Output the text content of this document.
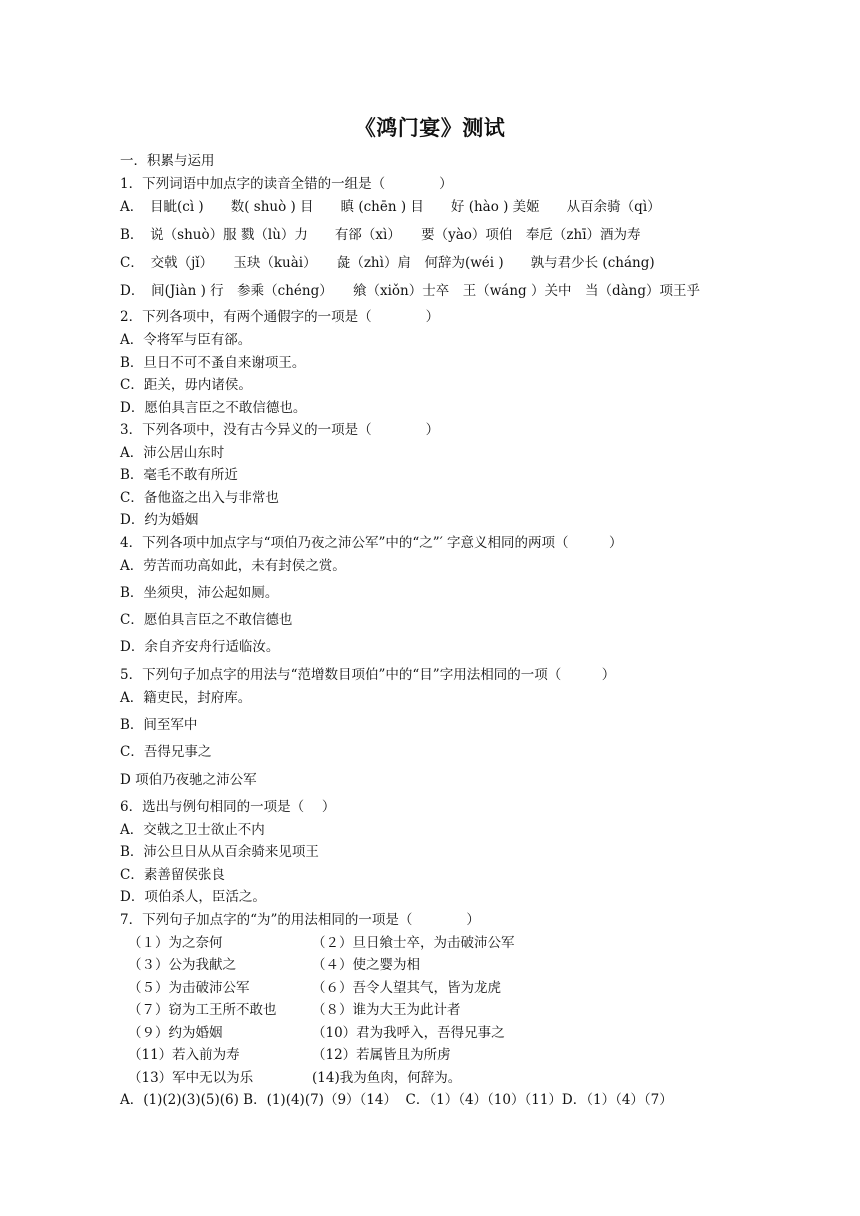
《鸿门宴》测试
一．积累与运用
1．下列词语中加点字的读音全错的一组是（　　　　）
A．　目眦(cì )　　数( shuò ) 目　　瞋 (chēn ) 目　　好 (hào ) 美姬　　从百余骑（qì）
B．　说（shuò）服 戮（lù）力　　有郤（xì）　　要（yào）项伯　奉卮（zhī）酒为寿
C．　交戟（jǐ）　　玉玦（kuài）　　彘（zhì）肩　何辞为(wéi )　　孰与君少长 (cháng)
D．　间(Jiàn ) 行　参乘（chéng）　　飨（xiǒn）士卒　王（wáng ）关中　当（dàng）项王乎
2．下列各项中，有两个通假字的一项是（　　　　）
A．令将军与臣有郤。
B．旦日不可不蚤自来谢项王。
C．距关，毋内诸侯。
D．愿伯具言臣之不敢信德也。
3．下列各项中，没有古今异义的一项是（　　　　）
A．沛公居山东时
B．毫毛不敢有所近
C．备他盗之出入与非常也
D．约为婚姻
4．下列各项中加点字与“项伯乃夜之沛公军”中的“之”′ 字意义相同的两项（　　　）
A．劳苦而功高如此，未有封侯之赏。
B．坐须臾，沛公起如厕。
C．愿伯具言臣之不敢信德也
D．余自齐安舟行适临汝。
5．下列句子加点字的用法与“范增数目项伯”中的“目”字用法相同的一项（　　　）
A．籍吏民，封府库。
B．间至军中
C．吾得兄事之
D 项伯乃夜驰之沛公军
6．选出与例句相同的一项是（　 ）
A．交戟之卫士欲止不内
B．沛公旦日从从百余骑来见项王
C．素善留侯张良
D．项伯杀人，臣活之。
7．下列句子加点字的“为”的用法相同的一项是（　　　　）
（１）为之奈何	（２）旦日飨士卒，为击破沛公军
（３）公为我献之	（４）使之婴为相
（５）为击破沛公军	（６）吾令人望其气，皆为龙虎
（７）窃为工王所不敢也	（８）谁为大王为此计者
（９）约为婚姻	（10）君为我呼入，吾得兄事之
（11）若入前为寿	（12）若属皆且为所虏
（13）军中无以为乐	(14)我为鱼肉，何辞为。
A．(1)(2)(3)(5)(6) B．(1)(4)(7)（9）（14）  C．（1）（4）（10）（11）D．（1）（4）（7）
